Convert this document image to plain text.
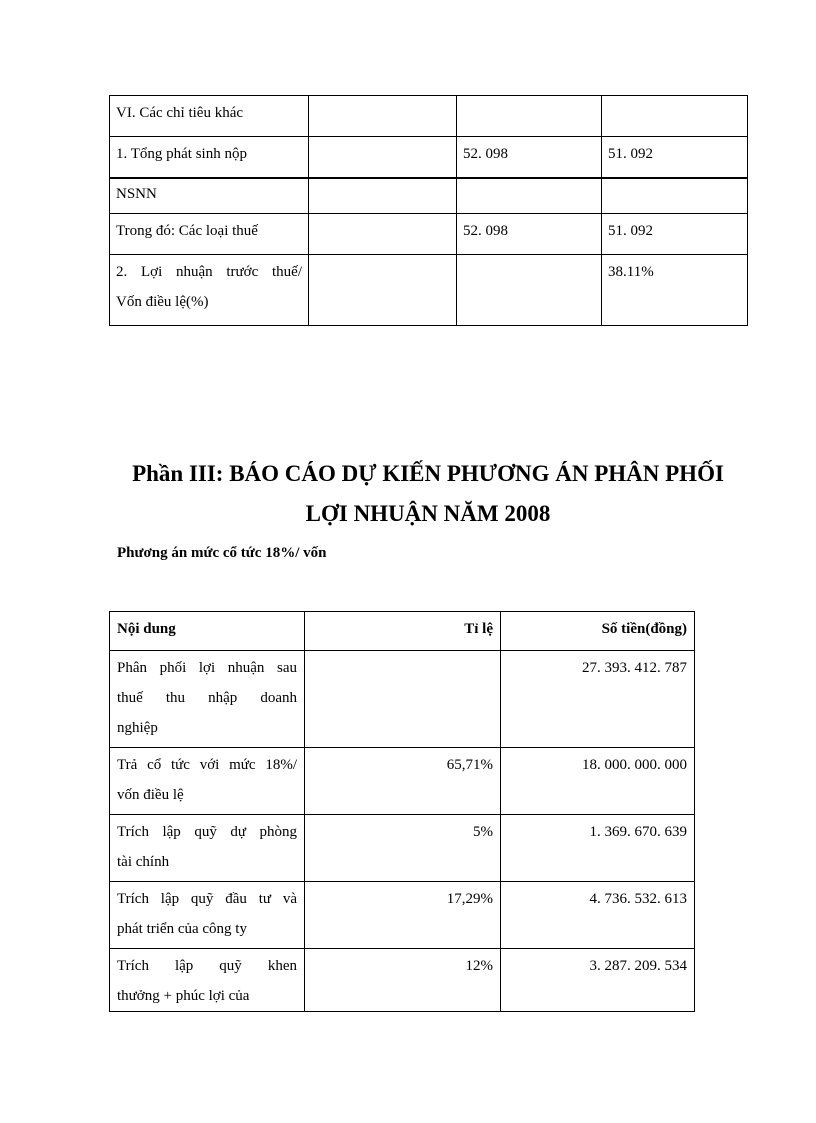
VI. Các chỉ tiêu khác			
1. Tổng phát sinh nộp		52. 098	51. 092
NSNN			
Trong đó: Các loại thuế		52. 098	51. 092

2. Lợi nhuận trước thuế/
Vốn điều lệ(%)			38.11%
Phần III: BÁO CÁO DỰ KIẾN PHƯƠNG ÁN PHÂN PHỐI
LỢI NHUẬN NĂM 2008
Phương án mức cổ tức 18%/ vốn
Nội dung	Tỉ lệ	Số tiền(đồng)

Phân phối lợi nhuận sau
thuế thu nhập doanh
nghiệp		27. 393. 412. 787

Trả cổ tức với mức 18%/
vốn điều lệ	65,71%	18. 000. 000. 000

Trích lập quỹ dự phòng
tài chính	5%	1. 369. 670. 639

Trích lập quỹ đầu tư và
phát triển của công ty	17,29%	4. 736. 532. 613

Trích lập quỹ khen
thưởng + phúc lợi của	12%	3. 287. 209. 534
